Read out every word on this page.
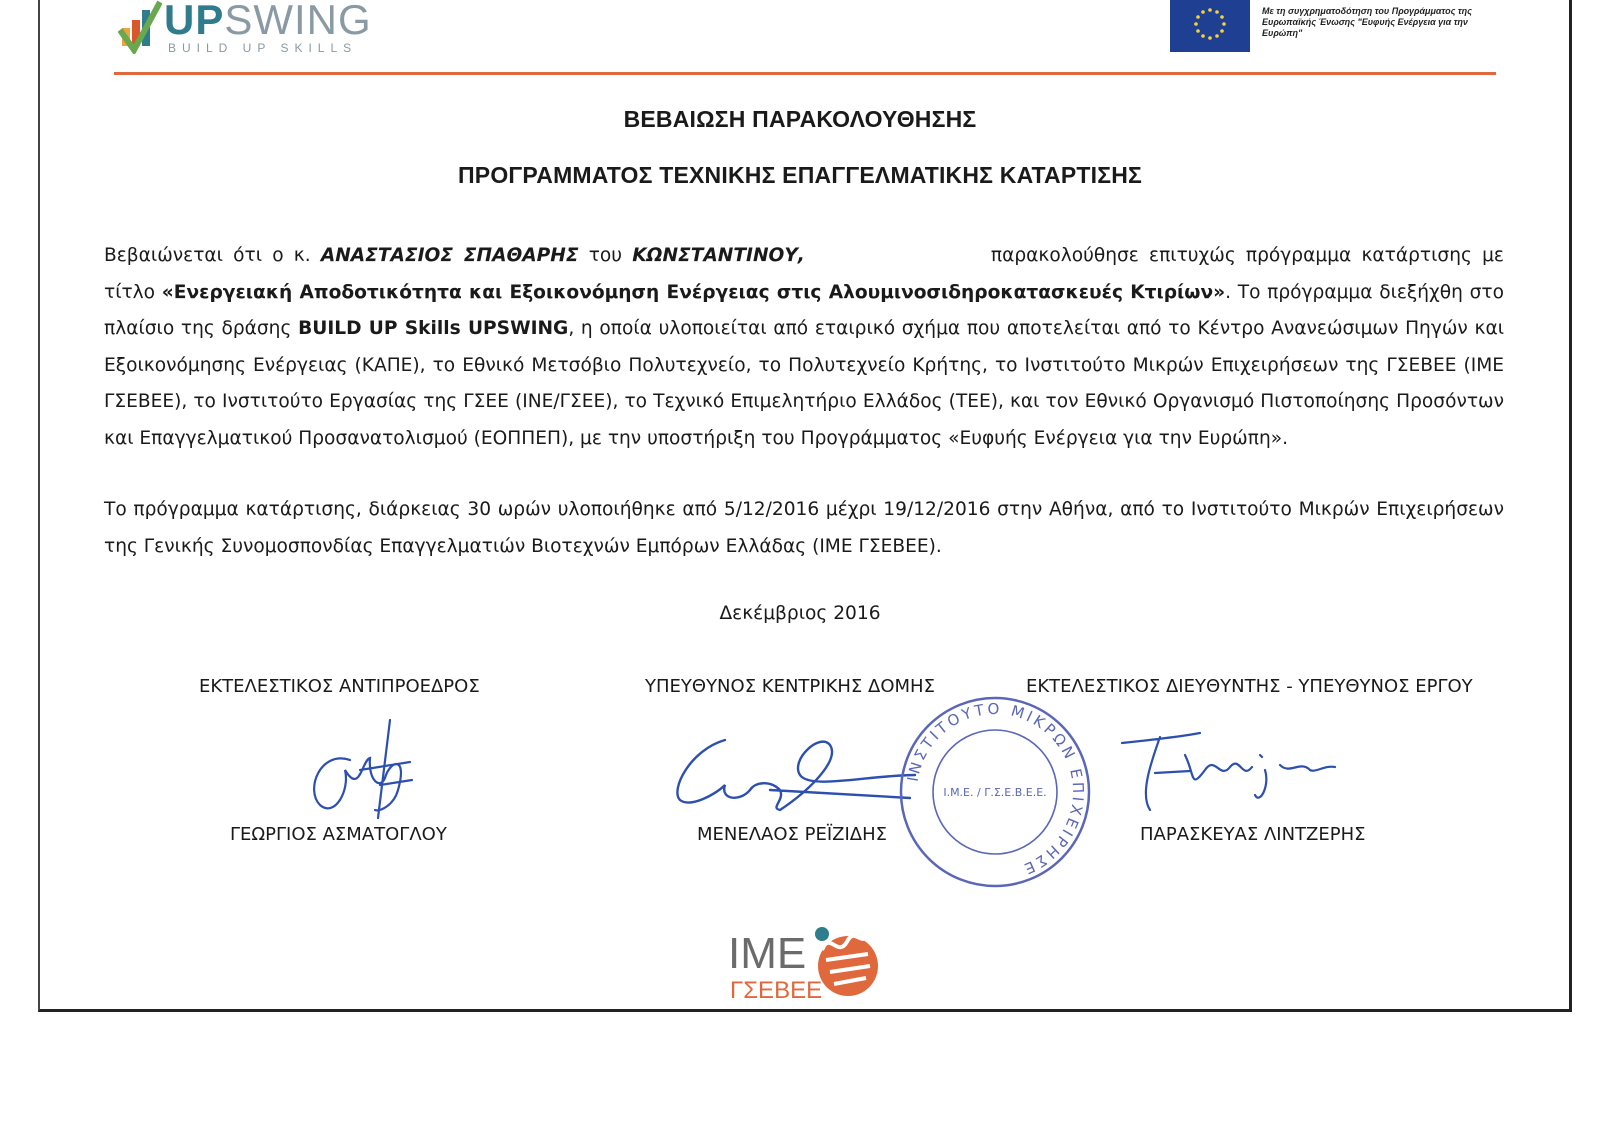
UPSWING
BUILD UP SKILLS
Με τη συγχρηματοδότηση του Προγράμματος της Ευρωπαϊκής Ένωσης "Ευφυής Ενέργεια για την Ευρώπη"
ΒΕΒΑΙΩΣΗ ΠΑΡΑΚΟΛΟΥΘΗΣΗΣ
ΠΡΟΓΡΑΜΜΑΤΟΣ ΤΕΧΝΙΚΗΣ ΕΠΑΓΓΕΛΜΑΤΙΚΗΣ ΚΑΤΑΡΤΙΣΗΣ
Βεβαιώνεται ότι ο κ. ΑΝΑΣΤΑΣΙΟΣ ΣΠΑΘΑΡΗΣ του ΚΩΝΣΤΑΝΤΙΝΟΥ,	παρακολούθησε επιτυχώς πρόγραμμα κατάρτισης με τίτλο «Ενεργειακή Αποδοτικότητα και Εξοικονόμηση Ενέργειας στις Αλουμινοσιδηροκατασκευές Κτιρίων». Το πρόγραμμα διεξήχθη στο πλαίσιο της δράσης BUILD UP Skills UPSWING, η οποία υλοποιείται από εταιρικό σχήμα που αποτελείται από το Κέντρο Ανανεώσιμων Πηγών και Εξοικονόμησης Ενέργειας (ΚΑΠΕ), το Εθνικό Μετσόβιο Πολυτεχνείο, το Πολυτεχνείο Κρήτης, το Ινστιτούτο Μικρών Επιχειρήσεων της ΓΣΕΒΕΕ (ΙΜΕ ΓΣΕΒΕΕ), το Ινστιτούτο Εργασίας της ΓΣΕΕ (ΙΝΕ/ΓΣΕΕ), το Τεχνικό Επιμελητήριο Ελλάδος (ΤΕΕ), και τον Εθνικό Οργανισμό Πιστοποίησης Προσόντων και Επαγγελματικού Προσανατολισμού (ΕΟΠΠΕΠ), με την υποστήριξη του Προγράμματος «Ευφυής Ενέργεια για την Ευρώπη».
Το πρόγραμμα κατάρτισης, διάρκειας 30 ωρών υλοποιήθηκε από 5/12/2016 μέχρι 19/12/2016 στην Αθήνα, από το Ινστιτούτο Μικρών Επιχειρήσεων της Γενικής Συνομοσπονδίας Επαγγελματιών Βιοτεχνών Εμπόρων Ελλάδας (ΙΜΕ ΓΣΕΒΕΕ).
Δεκέμβριος 2016
ΕΚΤΕΛΕΣΤΙΚΟΣ ΑΝΤΙΠΡΟΕΔΡΟΣ	ΥΠΕΥΘΥΝΟΣ ΚΕΝΤΡΙΚΗΣ ΔΟΜΗΣ	ΕΚΤΕΛΕΣΤΙΚΟΣ ΔΙΕΥΘΥΝΤΗΣ - ΥΠΕΥΘΥΝΟΣ ΕΡΓΟΥ
ΙΝΣΤΙΤΟΥΤΟ ΜΙΚΡΩΝ ΕΠΙΧΕΙΡΗΣΕ
Ι.Μ.Ε. / Γ.Σ.Ε.Β.Ε.Ε.
ΓΕΩΡΓΙΟΣ ΑΣΜΑΤΟΓΛΟΥ	ΜΕΝΕΛΑΟΣ ΡΕΪΖΙΔΗΣ	ΠΑΡΑΣΚΕΥΑΣ ΛΙΝΤΖΕΡΗΣ
ΙΜΕ
ΓΣΕΒΕΕ
